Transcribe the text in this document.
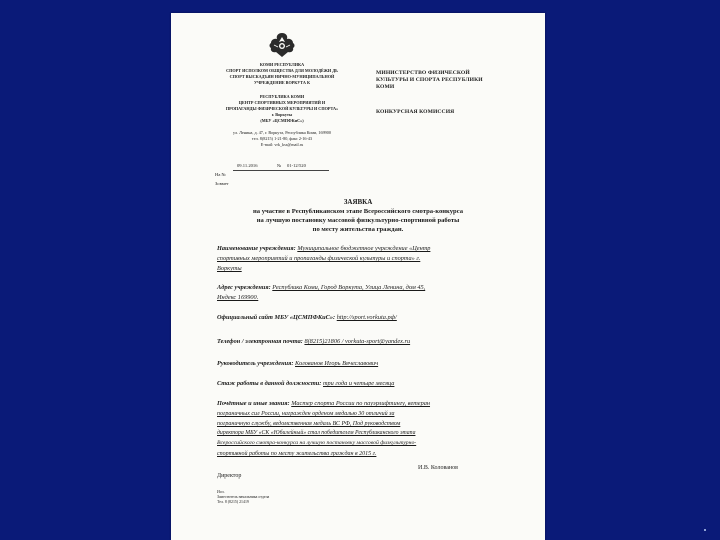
КОМИ РЕСПУБЛИКА
СПОРТ ИСПОЛКОМ ОБЩЕСТВА ДЛЯ МОЛОДЁЖИ ДЬ
СПОРТ ВЫСКАДЪЯН НИЧНО-МУНИЦИПАЛЬНОЙ
УЧРЕЖДЕНИЕ ВОРКУТА К
РЕСПУБЛИКА КОМИ
ЦЕНТР СПОРТИВНЫХ МЕРОПРИЯТИЙ И
ПРОПАГАНДЫ ФИЗИЧЕСКОЙ КУЛЬТУРЫ И СПОРТА»
г. Воркуты
(МБУ «ЦСМПФКиС»)
ул. Ленина, д. 47, г. Воркута, Республика Коми, 169900
тел. 8(8215) 1-21-80, факс 2-16-43
E-mail: vrk_kss@mail.ru
09.11.2016	№ 01-12/520
На №
Зовмет
МИНИСТЕРСТВО ФИЗИЧЕСКОЙ
КУЛЬТУРЫ И СПОРТА РЕСПУБЛИКИ
КОМИ
КОНКУРСНАЯ КОМИССИЯ
ЗАЯВКА
на участие в Республиканском этапе Всероссийского смотра-конкурса
на лучшую постановку массовой физкультурно-спортивной работы
по месту жительства граждан.
Наименование учреждения: Муниципальное бюджетное учреждение «Центр
спортивных мероприятий и пропаганды физической культуры и спорта» г.
Воркуты
Адрес учреждения: Республика Коми, Город Воркута, Улица Ленина, дом 45,
Индекс 169900.
Официальный сайт МБУ «ЦСМПФКиС»: http://sport.vorkuta.рф/
Телефон / электронная почта: 8(8215)21806 / vorkuta-sport@yandex.ru
Руководитель учреждения: Колованов Игорь Вячеславович
Стаж работы в данной должности: три года и четыре месяца
Почётные и иные звания: Мастер спорта России по пауэрлифтингу, ветеран
пограничных сил России, награжден орденом медалью 30 отличий за
пограничную службу, ведомственная медаль ВС РФ, Под руководством
директора МБУ «СК «Юбилейный» стал победителем Республиканского этапа
Всероссийского смотра-конкурса на лучшую постановку массовой физкультурно-
спортивной работы по месту жительства граждан в 2015 г.
Директор
И.В. Колованов
Исп.
Заместитель начальника отдела
Тел. 8 (8215) 21419
